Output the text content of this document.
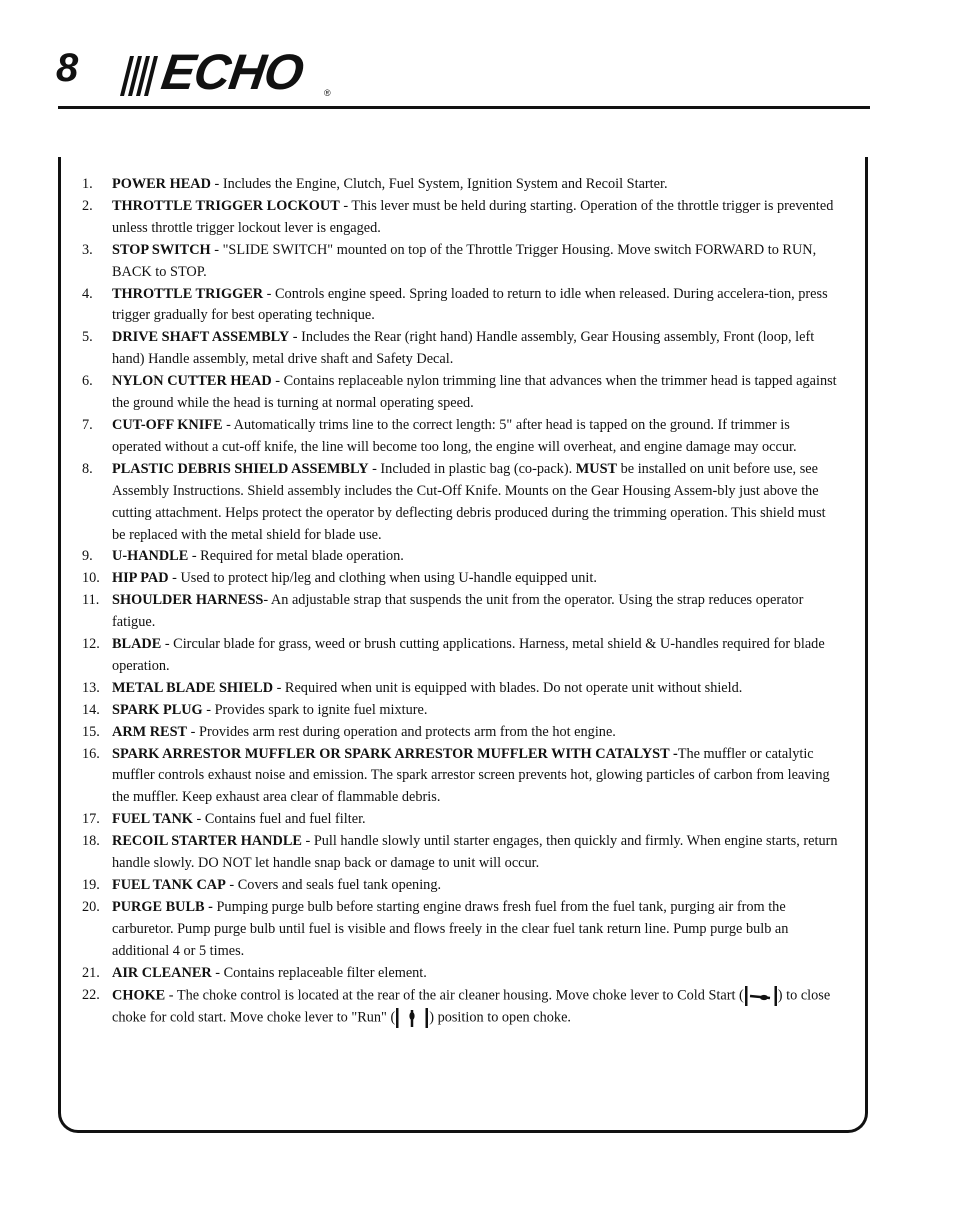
8 ECHO ®
1.	POWER HEAD - Includes the Engine, Clutch, Fuel System, Ignition System and Recoil Starter.
2.	THROTTLE TRIGGER LOCKOUT - This lever must be held during starting. Operation of the throttle trigger is prevented unless throttle trigger lockout lever is engaged.
3.	STOP SWITCH - "SLIDE SWITCH" mounted on top of the Throttle Trigger Housing. Move switch FORWARD to RUN, BACK to STOP.
4.	THROTTLE TRIGGER - Controls engine speed. Spring loaded to return to idle when released. During accelera-tion, press trigger gradually for best operating technique.
5.	DRIVE SHAFT ASSEMBLY - Includes the Rear (right hand) Handle assembly, Gear Housing assembly, Front (loop, left hand) Handle assembly, metal drive shaft and Safety Decal.
6.	NYLON CUTTER HEAD - Contains replaceable nylon trimming line that advances when the trimmer head is tapped against the ground while the head is turning at normal operating speed.
7.	CUT-OFF KNIFE - Automatically trims line to the correct length: 5" after head is tapped on the ground. If trimmer is operated without a cut-off knife, the line will become too long, the engine will overheat, and engine damage may occur.
8.	PLASTIC DEBRIS SHIELD ASSEMBLY - Included in plastic bag (co-pack). MUST be installed on unit before use, see Assembly Instructions. Shield assembly includes the Cut-Off Knife. Mounts on the Gear Housing Assem-bly just above the cutting attachment. Helps protect the operator by deflecting debris produced during the trimming operation. This shield must be replaced with the metal shield for blade use.
9.	U-HANDLE - Required for metal blade operation.
10. HIP PAD - Used to protect hip/leg and clothing when using U-handle equipped unit.
11. SHOULDER HARNESS- An adjustable strap that suspends the unit from the operator. Using the strap reduces operator fatigue.
12. BLADE - Circular blade for grass, weed or brush cutting applications. Harness, metal shield & U-handles required for blade operation.
13. METAL BLADE SHIELD - Required when unit is equipped with blades. Do not operate unit without shield.
14. SPARK PLUG - Provides spark to ignite fuel mixture.
15. ARM REST - Provides arm rest during operation and protects arm from the hot engine.
16. SPARK ARRESTOR MUFFLER OR SPARK ARRESTOR MUFFLER WITH CATALYST -The muffler or catalytic muffler controls exhaust noise and emission. The spark arrestor screen prevents hot, glowing particles of carbon from leaving the muffler. Keep exhaust area clear of flammable debris.
17. FUEL TANK - Contains fuel and fuel filter.
18. RECOIL STARTER HANDLE - Pull handle slowly until starter engages, then quickly and firmly. When engine starts, return handle slowly. DO NOT let handle snap back or damage to unit will occur.
19. FUEL TANK CAP - Covers and seals fuel tank opening.
20. PURGE BULB - Pumping purge bulb before starting engine draws fresh fuel from the fuel tank, purging air from the carburetor. Pump purge bulb until fuel is visible and flows freely in the clear fuel tank return line. Pump purge bulb an additional 4 or 5 times.
21. AIR CLEANER - Contains replaceable filter element.
22. CHOKE - The choke control is located at the rear of the air cleaner housing. Move choke lever to Cold Start ( ) to close choke for cold start. Move choke lever to "Run" ( ) position to open choke.
